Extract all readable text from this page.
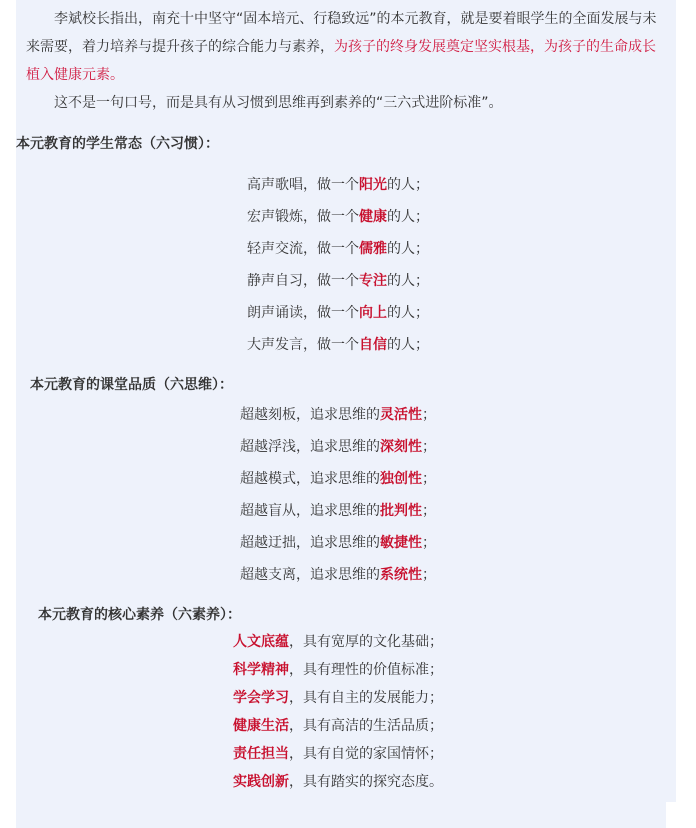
李斌校长指出，南充十中坚守“固本培元、行稳致远”的本元教育，就是要着眼学生的全面发展与未来需要，着力培养与提升孩子的综合能力与素养，为孩子的终身发展奠定坚实根基，为孩子的生命成长植入健康元素。

这不是一句口号，而是具有从习惯到思维再到素养的“三六式进阶标准”。

本元教育的学生常态（六习惯）：
高声歌唱，做一个阳光的人；
宏声锻炼，做一个健康的人；
轻声交流，做一个儒雅的人；
静声自习，做一个专注的人；
朗声诵读，做一个向上的人；
大声发言，做一个自信的人；
本元教育的课堂品质（六思维）：
超越刻板，追求思维的灵活性；
超越浮浅，追求思维的深刻性；
超越模式，追求思维的独创性；
超越盲从，追求思维的批判性；
超越迂拙，追求思维的敏捷性；
超越支离，追求思维的系统性；
本元教育的核心素养（六素养）：
人文底蕴，具有宽厚的文化基础；
科学精神，具有理性的价值标准；
学会学习，具有自主的发展能力；
健康生活，具有高洁的生活品质；
责任担当，具有自觉的家国情怀；
实践创新，具有踏实的探究态度。
